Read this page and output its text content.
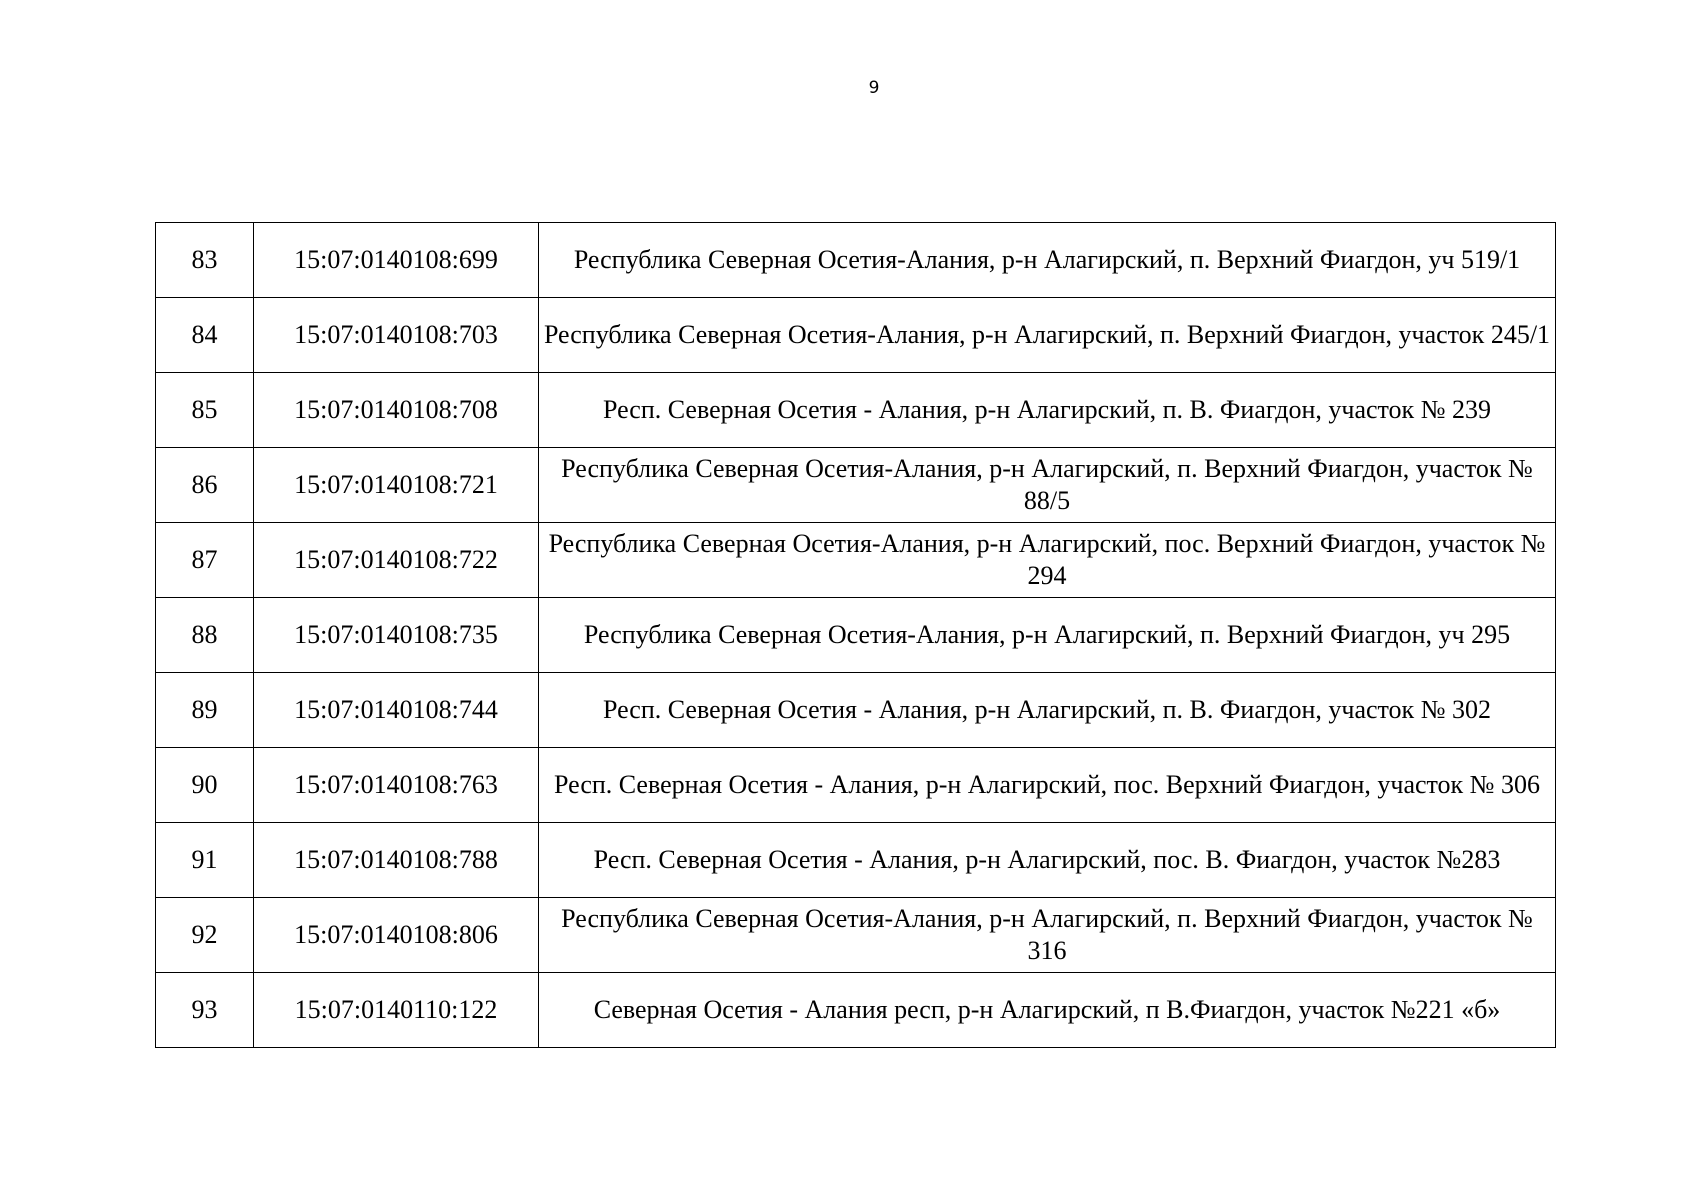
9
83	15:07:0140108:699	Республика Северная Осетия-Алания, р-н Алагирский, п. Верхний Фиагдон, уч 519/1
84	15:07:0140108:703	Республика Северная Осетия-Алания, р-н Алагирский, п. Верхний Фиагдон, участок 245/1
85	15:07:0140108:708	Респ. Северная Осетия - Алания, р-н Алагирский, п. В. Фиагдон, участок № 239
86	15:07:0140108:721	Республика Северная Осетия-Алания, р-н Алагирский, п. Верхний Фиагдон, участок № 88/5
87	15:07:0140108:722	Республика Северная Осетия-Алания, р-н Алагирский, пос. Верхний Фиагдон, участок № 294
88	15:07:0140108:735	Республика Северная Осетия-Алания, р-н Алагирский, п. Верхний Фиагдон, уч 295
89	15:07:0140108:744	Респ. Северная Осетия - Алания, р-н Алагирский, п. В. Фиагдон, участок № 302
90	15:07:0140108:763	Респ. Северная Осетия - Алания, р-н Алагирский, пос. Верхний Фиагдон, участок № 306
91	15:07:0140108:788	Респ. Северная Осетия - Алания, р-н Алагирский, пос. В. Фиагдон, участок №283
92	15:07:0140108:806	Республика Северная Осетия-Алания, р-н Алагирский, п. Верхний Фиагдон, участок № 316
93	15:07:0140110:122	Северная Осетия - Алания респ, р-н Алагирский, п В.Фиагдон, участок №221 «б»
